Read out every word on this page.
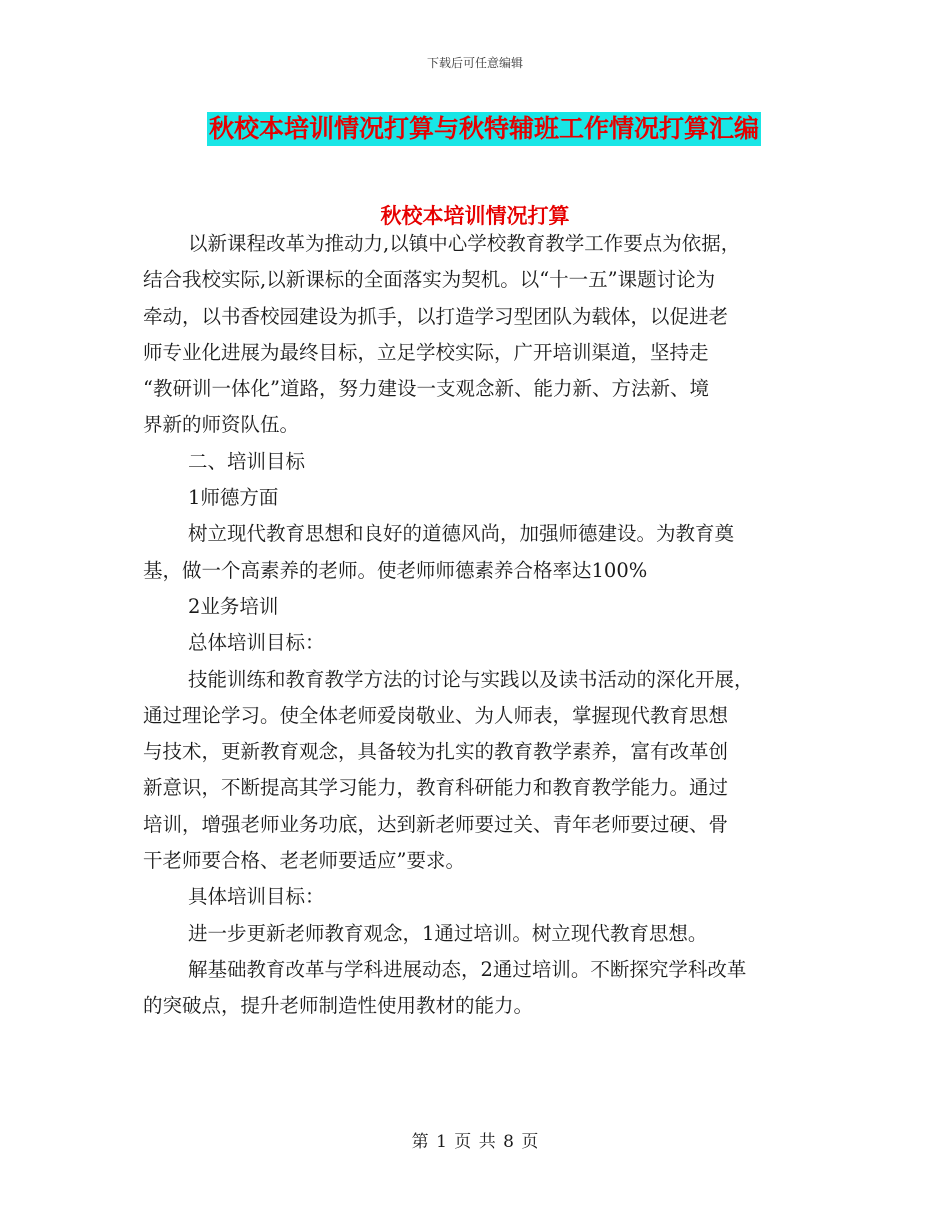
下载后可任意编辑
秋校本培训情况打算与秋特辅班工作情况打算汇编
秋校本培训情况打算
以新课程改革为推动力,以镇中心学校教育教学工作要点为依据，
结合我校实际,以新课标的全面落实为契机。以“十一五”课题讨论为
牵动，以书香校园建设为抓手，以打造学习型团队为载体，以促进老
师专业化进展为最终目标，立足学校实际，广开培训渠道，坚持走
“教研训一体化”道路，努力建设一支观念新、能力新、方法新、境
界新的师资队伍。
二、培训目标
1师德方面
树立现代教育思想和良好的道德风尚，加强师德建设。为教育奠
基，做一个高素养的老师。使老师师德素养合格率达100%
2业务培训
总体培训目标：
技能训练和教育教学方法的讨论与实践以及读书活动的深化开展，
通过理论学习。使全体老师爱岗敬业、为人师表，掌握现代教育思想
与技术，更新教育观念，具备较为扎实的教育教学素养，富有改革创
新意识，不断提高其学习能力，教育科研能力和教育教学能力。通过
培训，增强老师业务功底，达到新老师要过关、青年老师要过硬、骨
干老师要合格、老老师要适应”要求。
具体培训目标：
进一步更新老师教育观念，1通过培训。树立现代教育思想。
解基础教育改革与学科进展动态，2通过培训。不断探究学科改革
的突破点，提升老师制造性使用教材的能力。
第 1 页 共 8 页
